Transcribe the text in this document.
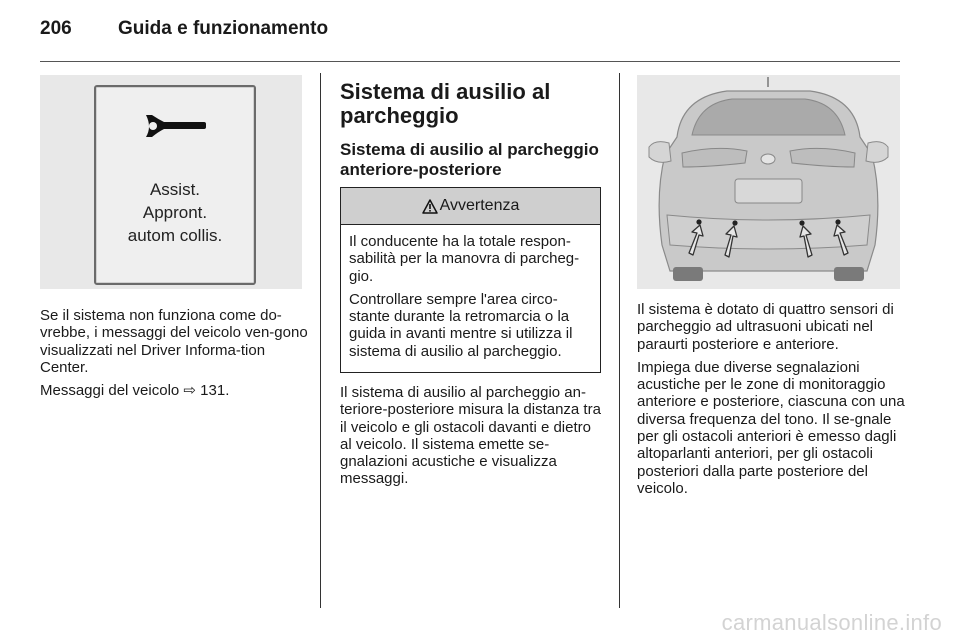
206	Guida e funzionamento
Assist.
Appront.
autom collis.

Se il sistema non funziona come do-vrebbe, i messaggi del veicolo ven-gono visualizzati nel Driver Informa-tion Center.

Messaggi del veicolo ⇨ 131.

Sistema di ausilio al parcheggio
Sistema di ausilio al parcheggio anteriore-posteriore
Avvertenza

Il conducente ha la totale respon-sabilità per la manovra di parcheg-gio.

Controllare sempre l'area circo-stante durante la retromarcia o la guida in avanti mentre si utilizza il sistema di ausilio al parcheggio.

Il sistema di ausilio al parcheggio an-teriore-posteriore misura la distanza tra il veicolo e gli ostacoli davanti e dietro al veicolo. Il sistema emette se-gnalazioni acustiche e visualizza messaggi.

Il sistema è dotato di quattro sensori di parcheggio ad ultrasuoni ubicati nel paraurti posteriore e anteriore.

Impiega due diverse segnalazioni acustiche per le zone di monitoraggio anteriore e posteriore, ciascuna con una diversa frequenza del tono. Il se-gnale per gli ostacoli anteriori è emesso dagli altoparlanti anteriori, per gli ostacoli posteriori dalla parte posteriore del veicolo.

carmanualsonline.info
